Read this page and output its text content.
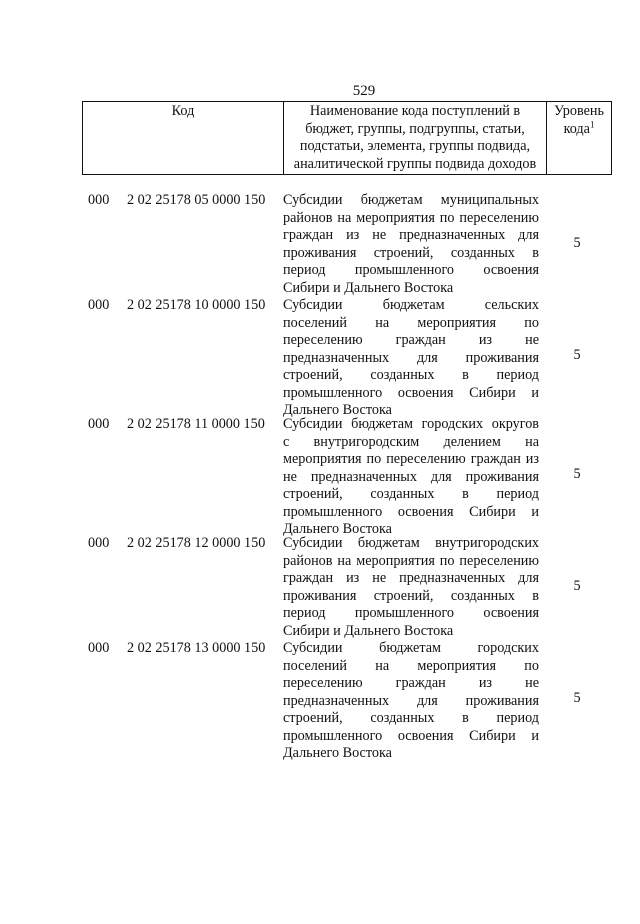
529
Код	Наименование кода поступлений в
бюджет, группы, подгруппы, статьи,
подстатьи, элемента, группы подвида,
аналитической группы подвида доходов

Уровень
кода$^1$
000	2 02 25178 05 0000 150	Субсидии бюджетам муниципальных
районов на мероприятия по переселению
граждан из не предназначенных для
проживания строений, созданных в
период промышленного освоения
Сибири и Дальнего Востока
5
000	2 02 25178 10 0000 150	Субсидии бюджетам сельских
поселений на мероприятия по
переселению граждан из не
предназначенных для проживания
строений, созданных в период
промышленного освоения Сибири и
Дальнего Востока
5
000	2 02 25178 11 0000 150	Субсидии бюджетам городских округов
с внутригородским делением на
мероприятия по переселению граждан из
не предназначенных для проживания
строений, созданных в период
промышленного освоения Сибири и
Дальнего Востока
5
000	2 02 25178 12 0000 150	Субсидии бюджетам внутригородских
районов на мероприятия по переселению
граждан из не предназначенных для
проживания строений, созданных в
период промышленного освоения
Сибири и Дальнего Востока
5
000	2 02 25178 13 0000 150	Субсидии бюджетам городских
поселений на мероприятия по
переселению граждан из не
предназначенных для проживания
строений, созданных в период
промышленного освоения Сибири и
Дальнего Востока
5
